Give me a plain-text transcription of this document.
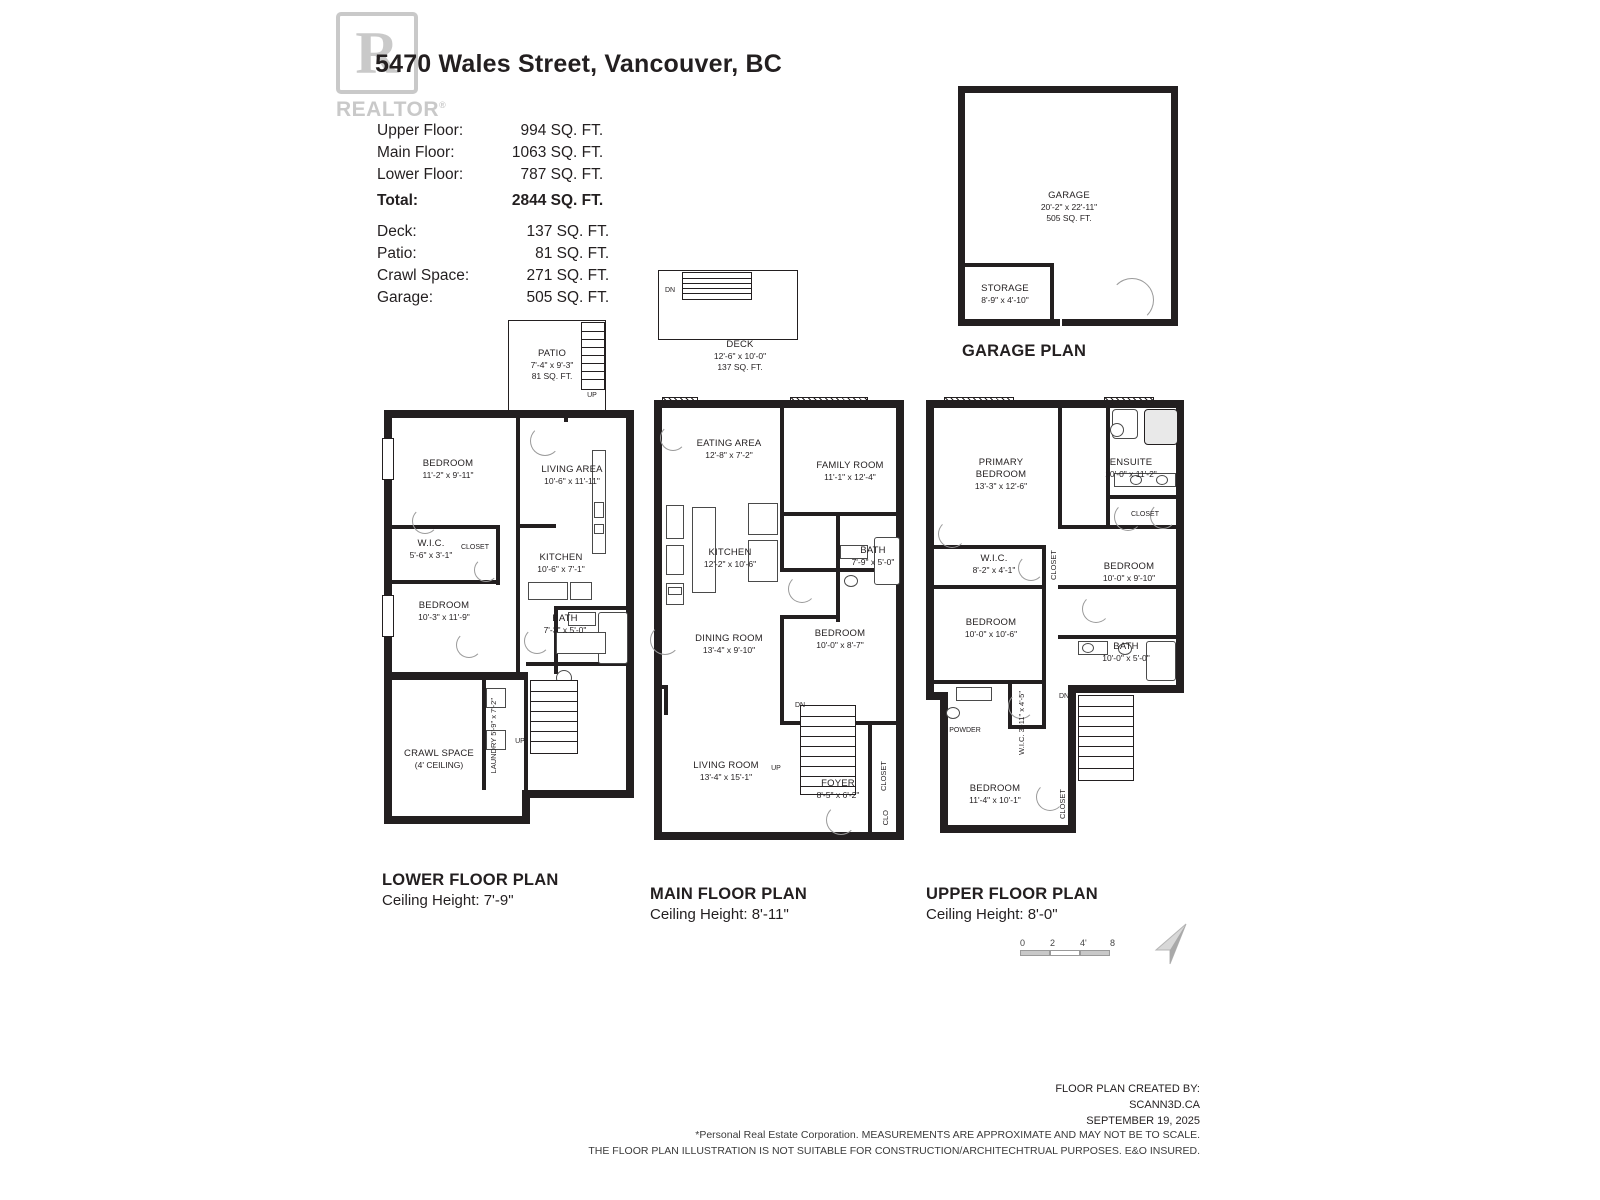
R
REALTOR®
5470 Wales Street, Vancouver, BC
Upper Floor:	994 SQ. FT.
Main Floor:	1063 SQ. FT.
Lower Floor:	787 SQ. FT.
Total:	2844 SQ. FT.
Deck:	137 SQ. FT.
Patio:	81 SQ. FT.
Crawl Space:	271 SQ. FT.
Garage:	505 SQ. FT.
GARAGE
20'-2" x 22'-11"
505 SQ. FT.
STORAGE
8'-9" x 4'-10"
GARAGE PLAN
PATIO
7'-4" x 9'-3"
81 SQ. FT.
UP
LAUNDRY 5'-9" x 7'-2"
BEDROOM
11'-2" x 9'-11"	LIVING AREA
10'-6" x 11'-11"
W.I.C.
5'-6" x 3'-1"
CLOSET
KITCHEN
10'-6" x 7'-1"
BEDROOM
10'-3" x 11'-9"	BATH
7'-3" x 5'-0"
CRAWL SPACE
(4' CEILING)
UP
LOWER FLOOR PLAN
Ceiling Height: 7'-9"
DN
DECK
12'-6" x 10'-0"
137 SQ. FT.
DN
UP
EATING AREA
12'-8" x 7'-2"
FAMILY ROOM
11'-1" x 12'-4"
KITCHEN
12'-2" x 10'-6"
BATH
7'-9" x 5'-0"
DINING ROOM
13'-4" x 9'-10"
BEDROOM
10'-0" x 8'-7"
LIVING ROOM
13'-4" x 15'-1"
FOYER
8'-5" x 6'-2"
CLOSET
CLO
MAIN FLOOR PLAN
Ceiling Height: 8'-11"
DN
PRIMARY
BEDROOM
13'-3" x 12'-6"
ENSUITE
10'-0" x 11'-2"
CLOSET
W.I.C.
8'-2" x 4'-1"	CLOSET	BEDROOM
10'-0" x 9'-10"
BEDROOM
10'-0" x 10'-6"
BATH
10'-0" x 5'-0"
POWDER	W.I.C. 3'-11" x 4'-5"
BEDROOM
11'-4" x 10'-1"	CLOSET
UPPER FLOOR PLAN
Ceiling Height: 8'-0"
0	2	4'	8
FLOOR PLAN CREATED BY:
SCANN3D.CA
SEPTEMBER 19, 2025
*Personal Real Estate Corporation. MEASUREMENTS ARE APPROXIMATE AND MAY NOT BE TO SCALE.
THE FLOOR PLAN ILLUSTRATION IS NOT SUITABLE FOR CONSTRUCTION/ARCHITECHTRUAL PURPOSES. E&O INSURED.
